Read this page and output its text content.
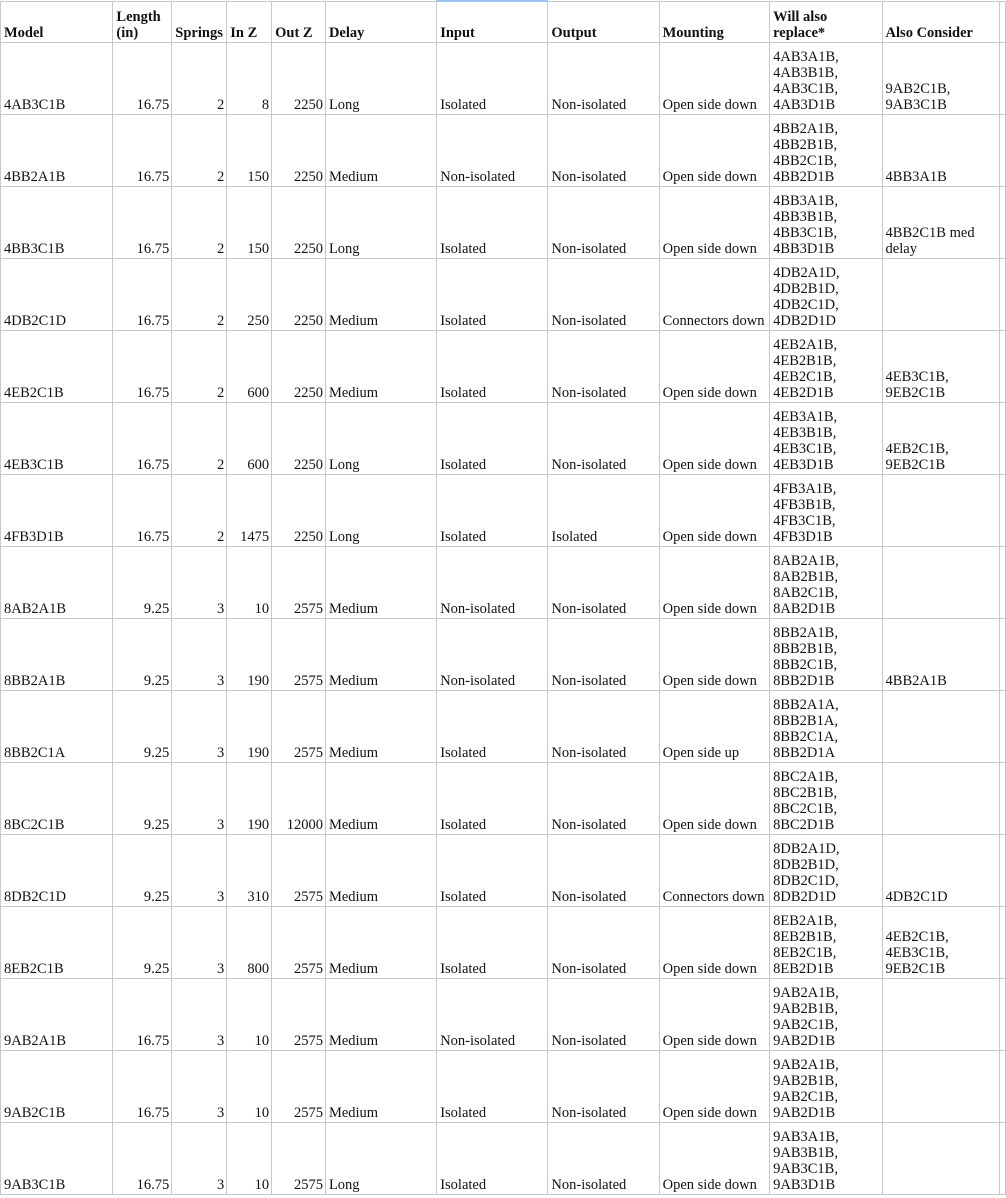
Model	Length
(in)	Springs	In Z	Out Z	Delay	Input	Output	Mounting	Will also
replace*	Also Consider	
4AB3C1B	16.75	2	8	2250	Long	Isolated	Non-isolated	Open side down	4AB3A1B,
4AB3B1B,
4AB3C1B,
4AB3D1B	9AB2C1B,
9AB3C1B	
4BB2A1B	16.75	2	150	2250	Medium	Non-isolated	Non-isolated	Open side down	4BB2A1B,
4BB2B1B,
4BB2C1B,
4BB2D1B	4BB3A1B	
4BB3C1B	16.75	2	150	2250	Long	Isolated	Non-isolated	Open side down	4BB3A1B,
4BB3B1B,
4BB3C1B,
4BB3D1B	4BB2C1B med
delay	
4DB2C1D	16.75	2	250	2250	Medium	Isolated	Non-isolated	Connectors down	4DB2A1D,
4DB2B1D,
4DB2C1D,
4DB2D1D		
4EB2C1B	16.75	2	600	2250	Medium	Isolated	Non-isolated	Open side down	4EB2A1B,
4EB2B1B,
4EB2C1B,
4EB2D1B	4EB3C1B,
9EB2C1B	
4EB3C1B	16.75	2	600	2250	Long	Isolated	Non-isolated	Open side down	4EB3A1B,
4EB3B1B,
4EB3C1B,
4EB3D1B	4EB2C1B,
9EB2C1B	
4FB3D1B	16.75	2	1475	2250	Long	Isolated	Isolated	Open side down	4FB3A1B,
4FB3B1B,
4FB3C1B,
4FB3D1B		
8AB2A1B	9.25	3	10	2575	Medium	Non-isolated	Non-isolated	Open side down	8AB2A1B,
8AB2B1B,
8AB2C1B,
8AB2D1B		
8BB2A1B	9.25	3	190	2575	Medium	Non-isolated	Non-isolated	Open side down	8BB2A1B,
8BB2B1B,
8BB2C1B,
8BB2D1B	4BB2A1B	
8BB2C1A	9.25	3	190	2575	Medium	Isolated	Non-isolated	Open side up	8BB2A1A,
8BB2B1A,
8BB2C1A,
8BB2D1A		
8BC2C1B	9.25	3	190	12000	Medium	Isolated	Non-isolated	Open side down	8BC2A1B,
8BC2B1B,
8BC2C1B,
8BC2D1B		
8DB2C1D	9.25	3	310	2575	Medium	Isolated	Non-isolated	Connectors down	8DB2A1D,
8DB2B1D,
8DB2C1D,
8DB2D1D	4DB2C1D	
8EB2C1B	9.25	3	800	2575	Medium	Isolated	Non-isolated	Open side down	8EB2A1B,
8EB2B1B,
8EB2C1B,
8EB2D1B	4EB2C1B,
4EB3C1B,
9EB2C1B	
9AB2A1B	16.75	3	10	2575	Medium	Non-isolated	Non-isolated	Open side down	9AB2A1B,
9AB2B1B,
9AB2C1B,
9AB2D1B		
9AB2C1B	16.75	3	10	2575	Medium	Isolated	Non-isolated	Open side down	9AB2A1B,
9AB2B1B,
9AB2C1B,
9AB2D1B		
9AB3C1B	16.75	3	10	2575	Long	Isolated	Non-isolated	Open side down	9AB3A1B,
9AB3B1B,
9AB3C1B,
9AB3D1B		
